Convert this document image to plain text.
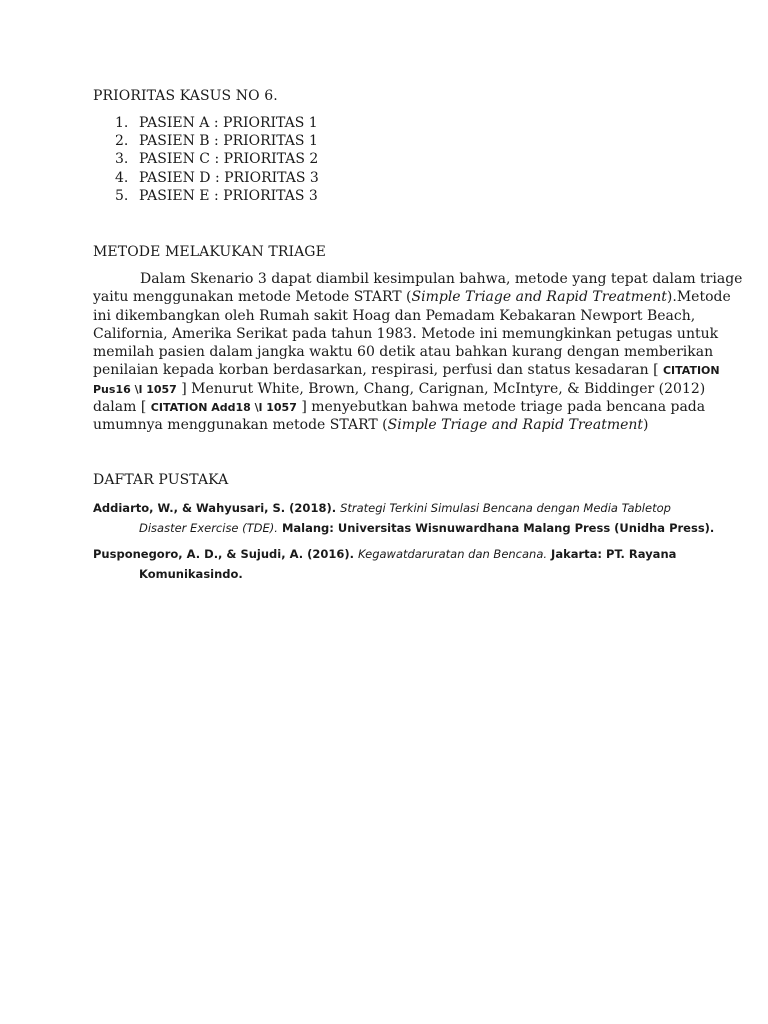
PRIORITAS KASUS NO 6.
1. PASIEN A : PRIORITAS 1
2. PASIEN B : PRIORITAS 1
3. PASIEN C : PRIORITAS 2
4. PASIEN D : PRIORITAS 3
5. PASIEN E : PRIORITAS 3
METODE MELAKUKAN TRIAGE
Dalam Skenario 3 dapat diambil kesimpulan bahwa, metode yang tepat dalam triage
yaitu menggunakan metode Metode START (Simple Triage and Rapid Treatment).Metode
ini dikembangkan oleh Rumah sakit Hoag dan Pemadam Kebakaran Newport Beach,
California, Amerika Serikat pada tahun 1983. Metode ini memungkinkan petugas untuk
memilah pasien dalam jangka waktu 60 detik atau bahkan kurang dengan memberikan
penilaian kepada korban berdasarkan, respirasi, perfusi dan status kesadaran [ CITATION
Pus16 \l 1057 ] Menurut White, Brown, Chang, Carignan, McIntyre, & Biddinger (2012)
dalam [ CITATION Add18 \l 1057 ] menyebutkan bahwa metode triage pada bencana pada
umumnya menggunakan metode START (Simple Triage and Rapid Treatment)
DAFTAR PUSTAKA
Addiarto, W., & Wahyusari, S. (2018). Strategi Terkini Simulasi Bencana dengan Media Tabletop
Disaster Exercise (TDE). Malang: Universitas Wisnuwardhana Malang Press (Unidha Press).
Pusponegoro, A. D., & Sujudi, A. (2016). Kegawatdaruratan dan Bencana. Jakarta: PT. Rayana
Komunikasindo.
